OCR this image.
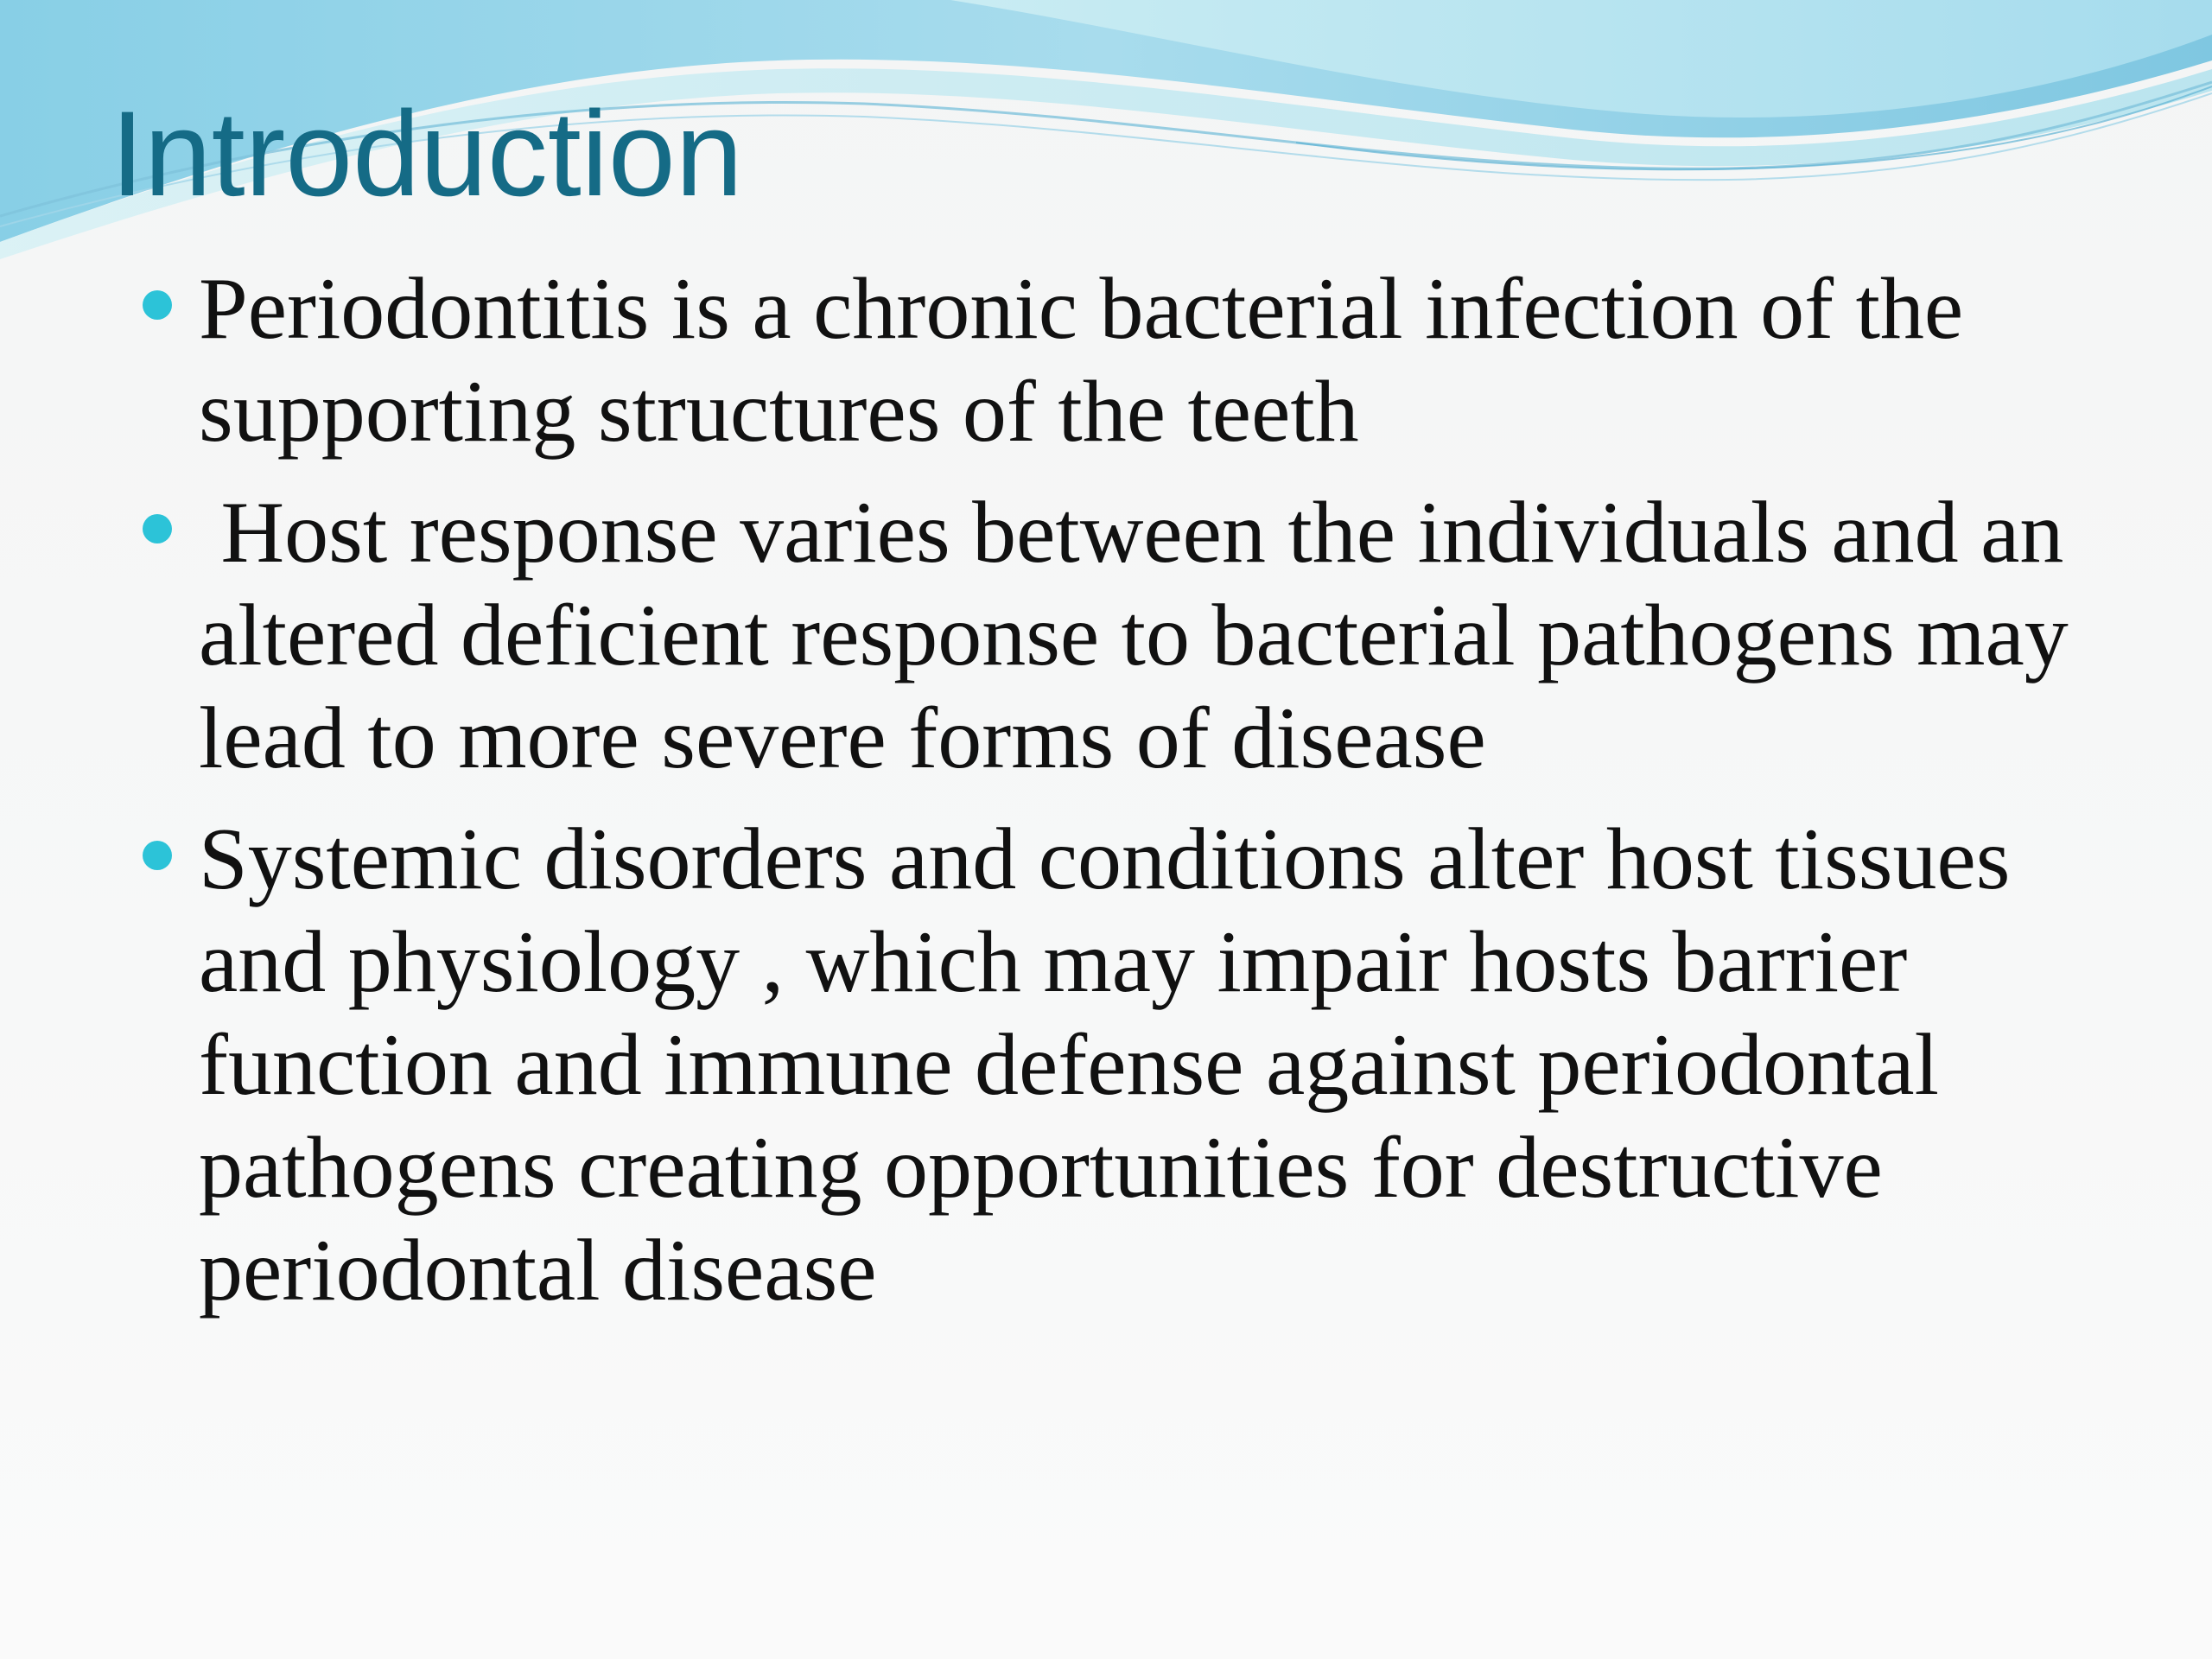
Introduction
Periodontitis is a chronic bacterial infection of the supporting structures of the teeth
Host response varies between the individuals and an altered deficient response to bacterial pathogens may lead to more severe forms of disease
Systemic disorders and conditions alter host tissues and physiology , which may impair hosts barrier function and immune defense against periodontal pathogens creating opportunities for destructive periodontal disease
